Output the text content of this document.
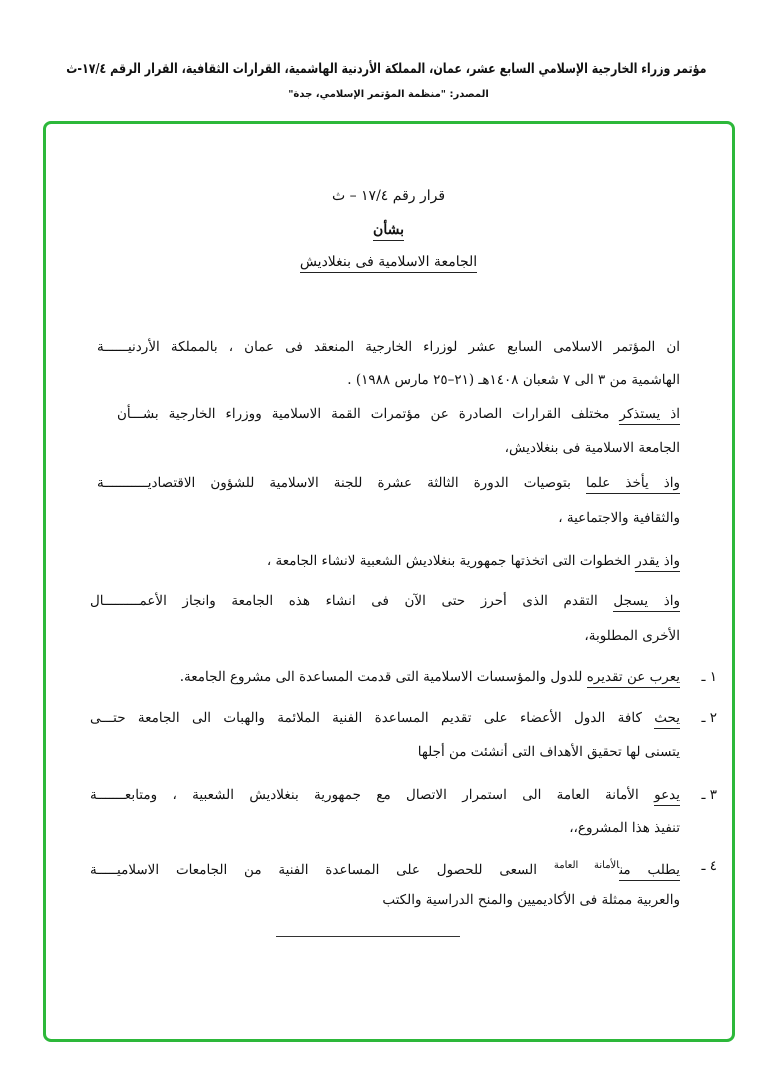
مؤتمر وزراء الخارجية الإسلامي السابع عشر، عمان، المملكة الأردنية الهاشمية، القرارات الثقافية، القرار الرقم ١٧/٤-ث
المصدر: "منظمة المؤتمر الإسلامي، جدة"
قرار رقم ١٧/٤ – ث
بشأن
الجامعة الاسلامية فى بنغلاديش
ان المؤتمر الاسلامى السابع عشر لوزراء الخارجية المنعقد فى عمان ، بالمملكة الأردنيــــــة
الهاشمية من ٣ الى ٧ شعبان ١٤٠٨هـ (٢١–٢٥ مارس ١٩٨٨) .
اذ يستذكر مختلف القرارات الصادرة عن مؤتمرات القمة الاسلامية ووزراء الخارجية بشـــأن
الجامعة الاسلامية فى بنغلاديش،
واذ يأخذ علما بتوصيات الدورة الثالثة عشرة للجنة الاسلامية للشؤون الاقتصاديـــــــــــة
والثقافية والاجتماعية ،
واذ يقدر الخطوات التى اتخذتها جمهورية بنغلاديش الشعبية لانشاء الجامعة ،
واذ يسجل التقدم الذى أحرز حتى الآن فى انشاء هذه الجامعة وانجاز الأعمـــــــــال
الأخرى المطلوبة،
١ ـ
يعرب عن تقديره للدول والمؤسسات الاسلامية التى قدمت المساعدة الى مشروع الجامعة.
٢ ـ
يحث كافة الدول الأعضاء على تقديم المساعدة الفنية الملائمة والهبات الى الجامعة حتـــى
يتسنى لها تحقيق الأهداف التى أنشئت من أجلها
٣ ـ
يدعو الأمانة العامة الى استمرار الاتصال مع جمهورية بنغلاديش الشعبية ، ومتابعـــــــة
تنفيذ هذا المشروع،،
٤ ـ
يطلب من$^{الأمانة العامة}$ السعى للحصول على المساعدة الفنية من الجامعات الاسلاميـــــة
والعربية ممثلة فى الأكاديميين والمنح الدراسية والكتب
